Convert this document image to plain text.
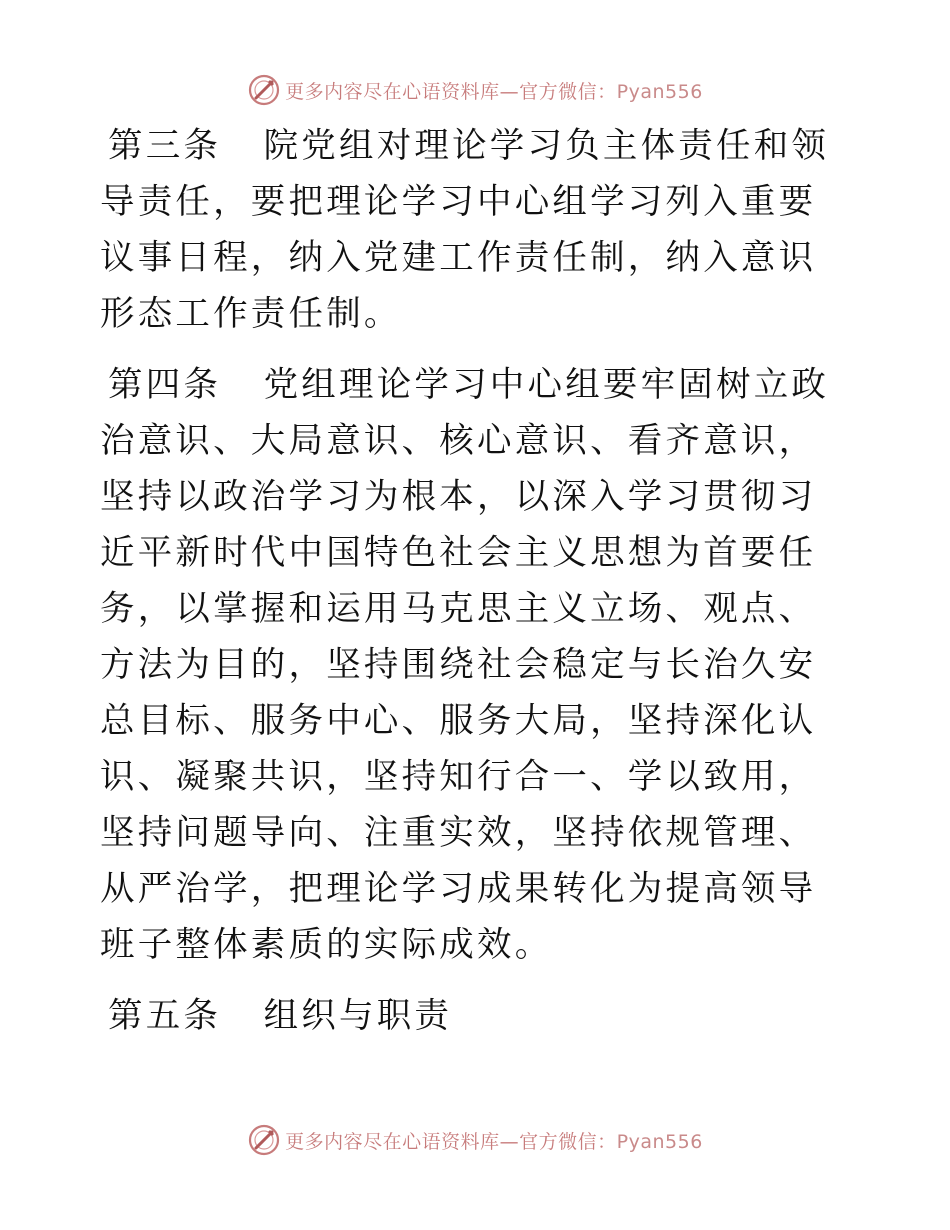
更多内容尽在心语资料库—官方微信：Pyan556

第三条 院党组对理论学习负主体责任和领导责任，要把理论学习中心组学习列入重要议事日程，纳入党建工作责任制，纳入意识形态工作责任制。

第四条 党组理论学习中心组要牢固树立政治意识、大局意识、核心意识、看齐意识，坚持以政治学习为根本，以深入学习贯彻习近平新时代中国特色社会主义思想为首要任务，以掌握和运用马克思主义立场、观点、方法为目的，坚持围绕社会稳定与长治久安总目标、服务中心、服务大局，坚持深化认识、凝聚共识，坚持知行合一、学以致用，坚持问题导向、注重实效，坚持依规管理、从严治学，把理论学习成果转化为提高领导班子整体素质的实际成效。

第五条 组织与职责

更多内容尽在心语资料库—官方微信：Pyan556
